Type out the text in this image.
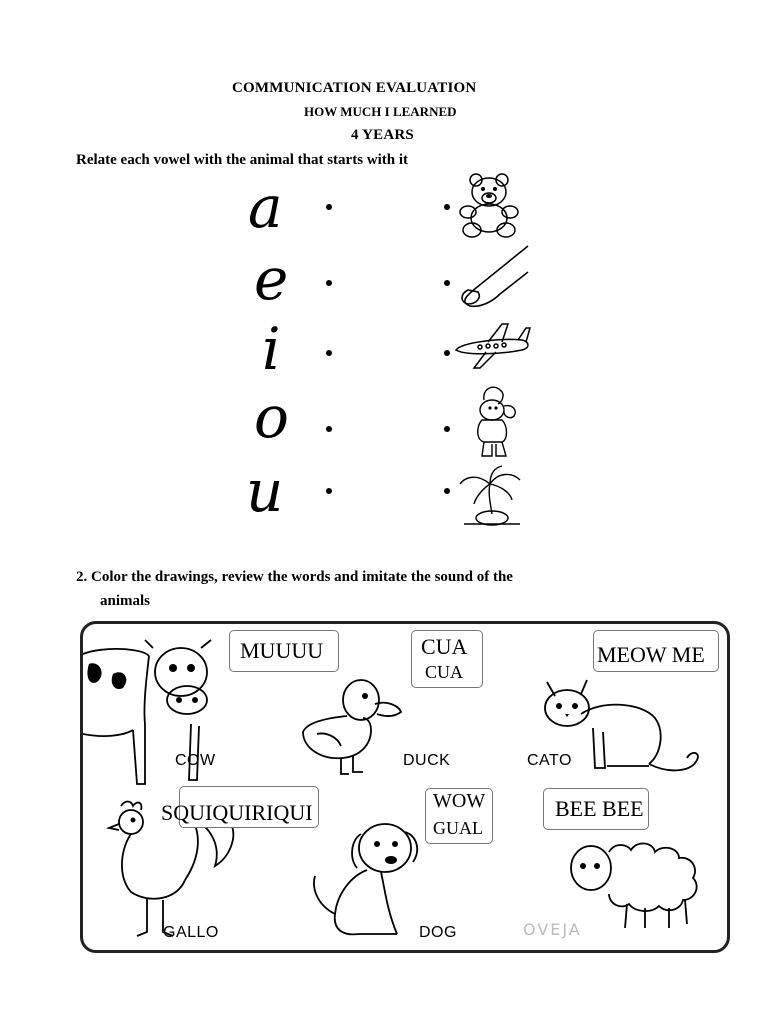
COMMUNICATION EVALUATION
HOW MUCH I LEARNED
4 YEARS
Relate each vowel with the animal that starts with it
a
e
i
o
u
2. Color the drawings, review the words and imitate the sound of the
animals
MUUUU
COW
CUA
CUA
DUCK
MEOW ME
CATO
SQUIQUIRIQUI
GALLO
WOW
GUAL
DOG
BEE BEE
OVEJA
